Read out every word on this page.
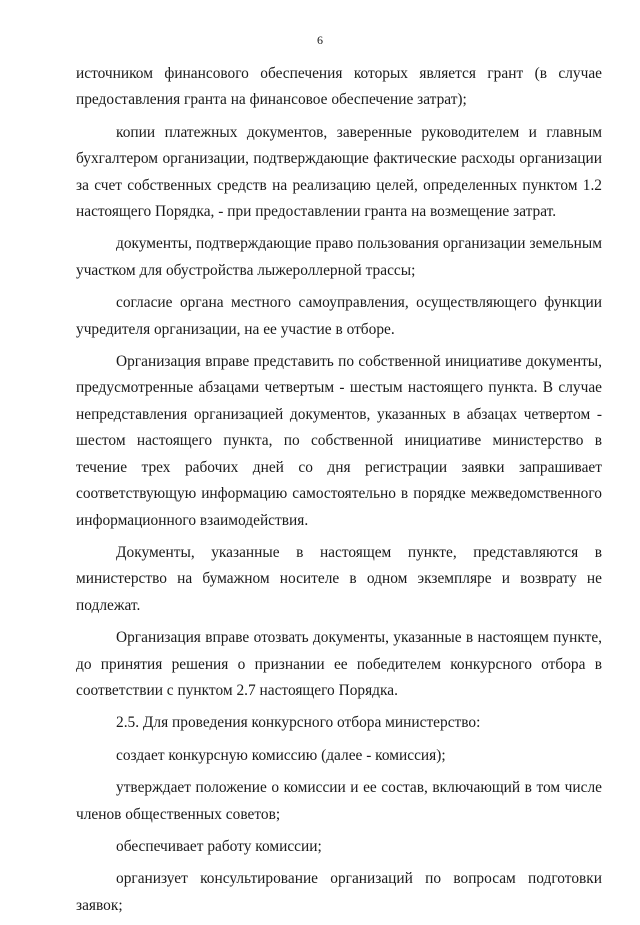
6

источником финансового обеспечения которых является грант (в случае предоставления гранта на финансовое обеспечение затрат);

копии платежных документов, заверенные руководителем и главным бухгалтером организации, подтверждающие фактические расходы организации за счет собственных средств на реализацию целей, определенных пунктом 1.2 настоящего Порядка, - при предоставлении гранта на возмещение затрат.

документы, подтверждающие право пользования организации земельным участком для обустройства лыжероллерной трассы;

согласие органа местного самоуправления, осуществляющего функции учредителя организации, на ее участие в отборе.

Организация вправе представить по собственной инициативе документы, предусмотренные абзацами четвертым - шестым настоящего пункта. В случае непредставления организацией документов, указанных в абзацах четвертом - шестом настоящего пункта, по собственной инициативе министерство в течение трех рабочих дней со дня регистрации заявки запрашивает соответствующую информацию самостоятельно в порядке межведомственного информационного взаимодействия.

Документы, указанные в настоящем пункте, представляются в министерство на бумажном носителе в одном экземпляре и возврату не подлежат.

Организация вправе отозвать документы, указанные в настоящем пункте, до принятия решения о признании ее победителем конкурсного отбора в соответствии с пунктом 2.7 настоящего Порядка.

2.5. Для проведения конкурсного отбора министерство:

создает конкурсную комиссию (далее - комиссия);

утверждает положение о комиссии и ее состав, включающий в том числе членов общественных советов;

обеспечивает работу комиссии;

организует консультирование организаций по вопросам подготовки заявок;
